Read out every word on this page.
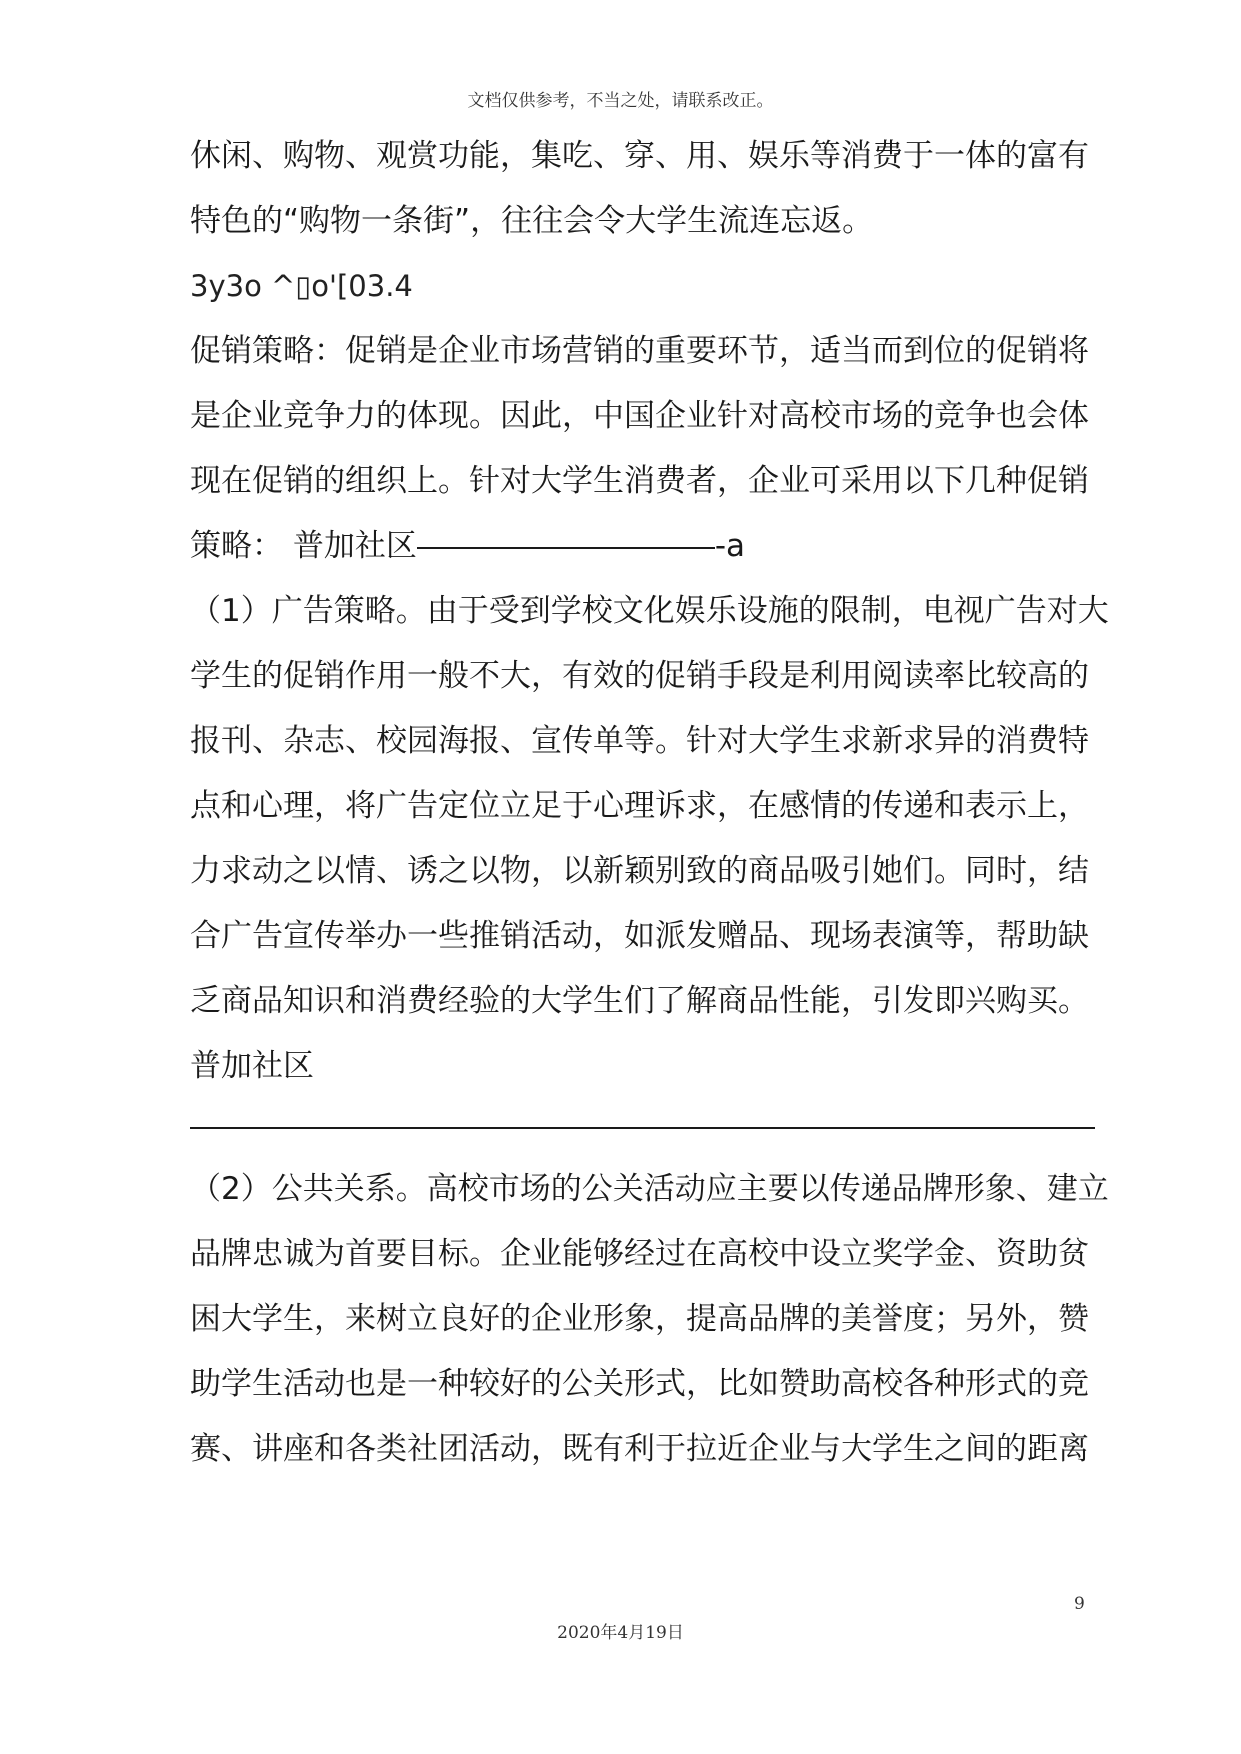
文档仅供参考，不当之处，请联系改正。
休闲、购物、观赏功能，集吃、穿、用、娱乐等消费于一体的富有
特色的“购物一条街”，往往会令大学生流连忘返。
3y3o ^▯o'[03.4
促销策略：促销是企业市场营销的重要环节，适当而到位的促销将
是企业竞争力的体现。因此，中国企业针对高校市场的竞争也会体
现在促销的组织上。针对大学生消费者，企业可采用以下几种促销
策略： 普加社区	-a
（1）广告策略。由于受到学校文化娱乐设施的限制，电视广告对大
学生的促销作用一般不大，有效的促销手段是利用阅读率比较高的
报刊、杂志、校园海报、宣传单等。针对大学生求新求异的消费特
点和心理，将广告定位立足于心理诉求，在感情的传递和表示上，
力求动之以情、诱之以物，以新颖别致的商品吸引她们。同时，结
合广告宣传举办一些推销活动，如派发赠品、现场表演等，帮助缺
乏商品知识和消费经验的大学生们了解商品性能，引发即兴购买。
普加社区
（2）公共关系。高校市场的公关活动应主要以传递品牌形象、建立
品牌忠诚为首要目标。企业能够经过在高校中设立奖学金、资助贫
困大学生，来树立良好的企业形象，提高品牌的美誉度；另外，赞
助学生活动也是一种较好的公关形式，比如赞助高校各种形式的竞
赛、讲座和各类社团活动，既有利于拉近企业与大学生之间的距离
9
2020年4月19日
